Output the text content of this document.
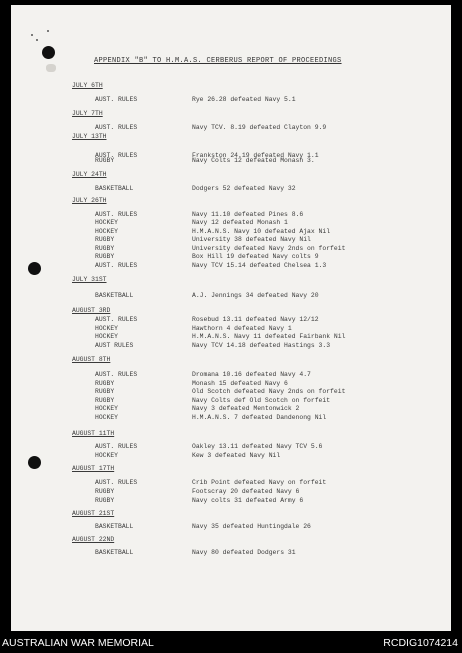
APPENDIX "B" TO H.M.A.S. CERBERUS REPORT OF PROCEEDINGS
JULY 6TH
AUST. RULES	Rye 26.28 defeated Navy 5.1
JULY 7TH
AUST. RULES	Navy TCV. 8.19 defeated Clayton 9.9
JULY 13TH
AUST. RULES	Frankston 24.19 defeated Navy 1.1
RUGBY	Navy Colts 12 defeated Monash 3.
JULY 24TH
BASKETBALL	Dodgers 52 defeated Navy 32
JULY 26TH
AUST. RULES	Navy 11.10 defeated Pines 8.6
HOCKEY	Navy 12 defeated Monash 1
HOCKEY	H.M.A.N.S. Navy 10 defeated Ajax Nil
RUGBY	University 38 defeated Navy Nil
RUGBY	University defeated Navy 2nds on forfeit
RUGBY	Box Hill 19 defeated Navy colts 9
AUST. RULES	Navy TCV 15.14 defeated Chelsea 1.3
JULY 31ST
BASKETBALL	A.J. Jennings 34 defeated Navy 20
AUGUST 3RD
AUST. RULES	Rosebud 13.11 defeated Navy 12/12
HOCKEY	Hawthorn 4 defeated Navy 1
HOCKEY	H.M.A.N.S. Navy 11 defeated Fairbank Nil
AUST RULES	Navy TCV 14.18 defeated Hastings 3.3
AUGUST 8TH
AUST. RULES	Dromana 10.16 defeated Navy 4.7
RUGBY	Monash 15 defeated Navy 6
RUGBY	Old Scotch defeated Navy 2nds on forfeit
RUGBY	Navy Colts def Old Scotch on forfeit
HOCKEY	Navy 3 defeated Mentonwick 2
HOCKEY	H.M.A.N.S. 7 defeated Dandenong Nil
AUGUST 11TH
AUST. RULES	Oakley 13.11 defeated Navy TCV 5.6
HOCKEY	Kew 3 defeated Navy Nil
AUGUST 17TH
AUST. RULES	Crib Point defeated Navy on forfeit
RUGBY	Footscray 20 defeated Navy 6
RUGBY	Navy colts 31 defeated Army 6
AUGUST 21ST
BASKETBALL	Navy 35 defeated Huntingdale 26
AUGUST 22ND
BASKETBALL	Navy 80 defeated Dodgers 31
AUSTRALIAN WAR MEMORIAL	RCDIG1074214
